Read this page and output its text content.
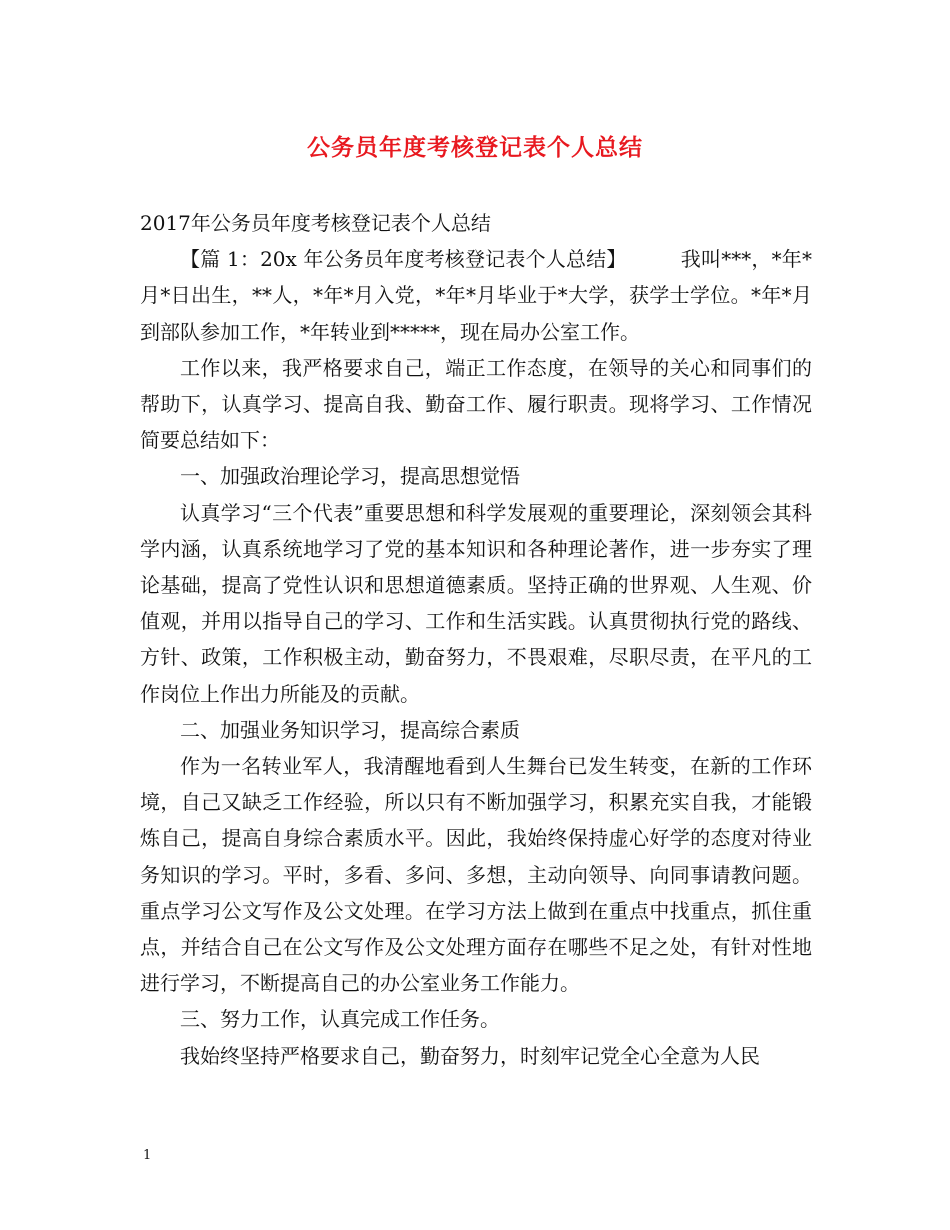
公务员年度考核登记表个人总结

2017年公务员年度考核登记表个人总结

【篇 1：20x 年公务员年度考核登记表个人总结】	我叫***，*年*月*日出生，**人，*年*月入党，*年*月毕业于*大学，获学士学位。*年*月到部队参加工作，*年转业到*****，现在局办公室工作。

工作以来，我严格要求自己，端正工作态度，在领导的关心和同事们的帮助下，认真学习、提高自我、勤奋工作、履行职责。现将学习、工作情况简要总结如下：

一、加强政治理论学习，提高思想觉悟

认真学习“三个代表”重要思想和科学发展观的重要理论，深刻领会其科学内涵，认真系统地学习了党的基本知识和各种理论著作，进一步夯实了理论基础，提高了党性认识和思想道德素质。坚持正确的世界观、人生观、价值观，并用以指导自己的学习、工作和生活实践。认真贯彻执行党的路线、方针、政策，工作积极主动，勤奋努力，不畏艰难，尽职尽责，在平凡的工作岗位上作出力所能及的贡献。

二、加强业务知识学习，提高综合素质

作为一名转业军人，我清醒地看到人生舞台已发生转变，在新的工作环境，自己又缺乏工作经验，所以只有不断加强学习，积累充实自我，才能锻炼自己，提高自身综合素质水平。因此，我始终保持虚心好学的态度对待业务知识的学习。平时，多看、多问、多想，主动向领导、向同事请教问题。重点学习公文写作及公文处理。在学习方法上做到在重点中找重点，抓住重点，并结合自己在公文写作及公文处理方面存在哪些不足之处，有针对性地进行学习，不断提高自己的办公室业务工作能力。

三、努力工作，认真完成工作任务。

我始终坚持严格要求自己，勤奋努力，时刻牢记党全心全意为人民

1
